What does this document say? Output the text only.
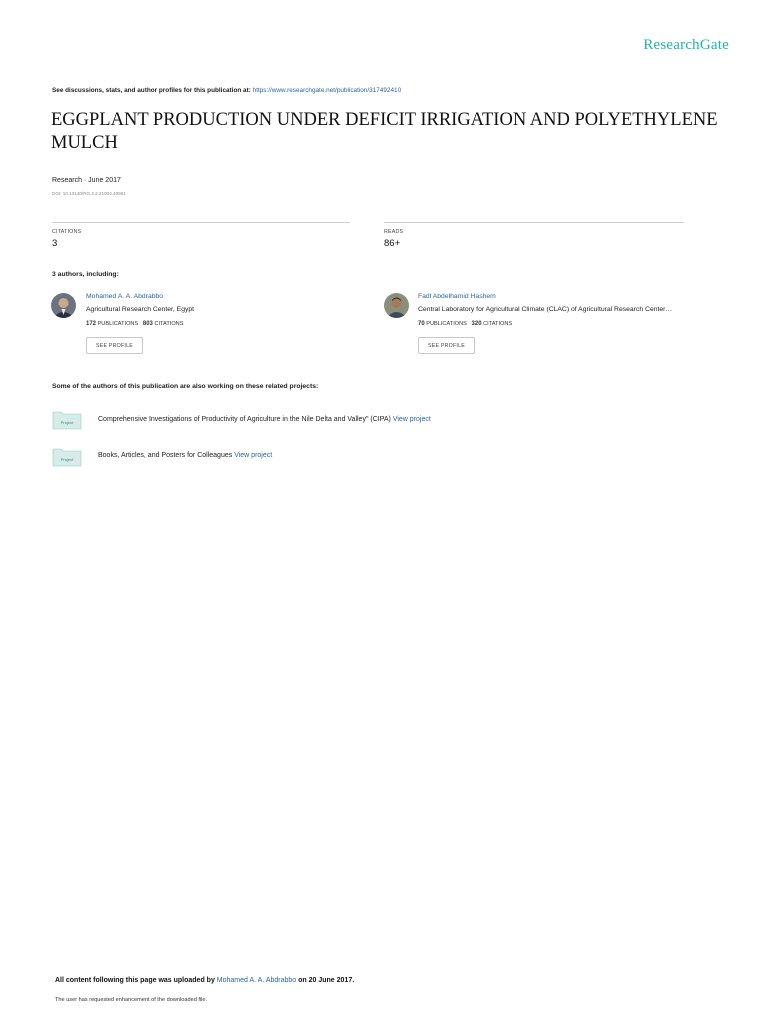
ResearchGate
See discussions, stats, and author profiles for this publication at: https://www.researchgate.net/publication/317492410
EGGPLANT PRODUCTION UNDER DEFICIT IRRIGATION AND POLYETHYLENE MULCH
Research · June 2017
DOI: 10.13140/RG.2.2.21904.40961
CITATIONS
3
READS
86+
3 authors, including:
Mohamed A. A. Abdrabbo
Agricultural Research Center, Egypt
172 PUBLICATIONS 803 CITATIONS
SEE PROFILE
Fadl Abdelhamid Hashem
Central Laboratory for Agricultural Climate (CLAC) of Agricultural Research Center…
70 PUBLICATIONS 320 CITATIONS
SEE PROFILE
Some of the authors of this publication are also working on these related projects:
Project	Comprehensive Investigations of Productivity of Agriculture in the Nile Delta and Valley" (CIPA) View project
Project
Books, Articles, and Posters for Colleagues View project
All content following this page was uploaded by Mohamed A. A. Abdrabbo on 20 June 2017.
The user has requested enhancement of the downloaded file.
